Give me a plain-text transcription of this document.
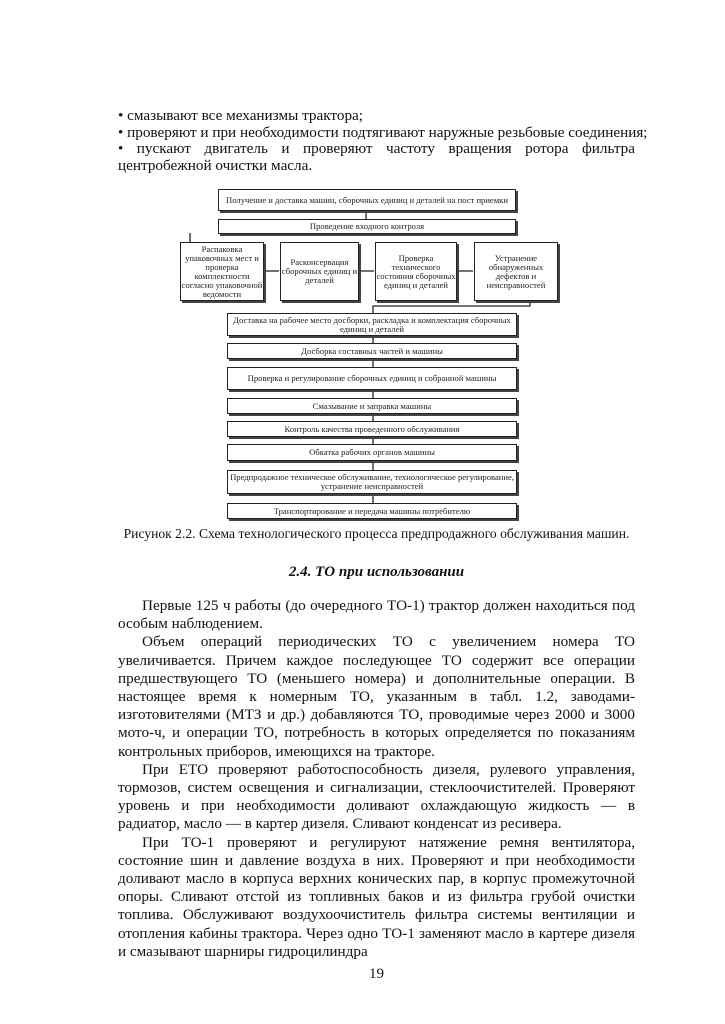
• смазывают все механизмы трактора;

• проверяют и при необходимости подтягивают наружные резьбовые соединения;

• пускают двигатель и проверяют частоту вращения ротора фильтра центробежной очистки масла.

Получение и доставка машин, сборочных единиц и деталей на пост приемки
Проведение входного контроля
Распаковка упаковочных мест и проверка комплектности согласно упаковочной ведомости
Расконсервация сборочных единиц и деталей
Проверка технического состояния сборочных единиц и деталей
Устранение обнаруженных дефектов и неисправностей
Доставка на рабочее место досборки, раскладка и комплектация сборочных единиц и деталей
Досборка составных частей и машины
Проверка и регулирование сборочных единиц и собранной машины
Смазывание и заправка машины
Контроль качества проведенного обслуживания
Обкатка рабочих органов машины
Предпродажное техническое обслуживание, технологическое регулирование, устранение неисправностей
Транспортирование и передача машины потребителю
Рисунок 2.2. Схема технологического процесса предпродажного обслуживания машин.
2.4. ТО при использовании

Первые 125 ч работы (до очередного ТО-1) трактор должен находиться под особым наблюдением.

Объем операций периодических ТО с увеличением номера ТО увеличивается. Причем каждое последующее ТО содержит все операции предшествующего ТО (меньшего номера) и дополнительные операции. В настоящее время к номерным ТО, указанным в табл. 1.2, заводами-изготовителями (МТЗ и др.) добавляются ТО, проводимые через 2000 и 3000 мото-ч, и операции ТО, потребность в которых определяется по показаниям контрольных приборов, имеющихся на тракторе.

При ЕТО проверяют работоспособность дизеля, рулевого управления, тормозов, систем освещения и сигнализации, стеклоочистителей. Проверяют уровень и при необходимости доливают охлаждающую жидкость — в радиатор, масло — в картер дизеля. Сливают конденсат из ресивера.

При ТО-1 проверяют и регулируют натяжение ремня вентилятора, состояние шин и давление воздуха в них. Проверяют и при необходимости доливают масло в корпуса верхних конических пар, в корпус промежуточной опоры. Сливают отстой из топливных баков и из фильтра грубой очистки топлива. Обслуживают воздухоочиститель фильтра системы вентиляции и отопления кабины трактора. Через одно ТО-1 заменяют масло в картере дизеля и смазывают шарниры гидроцилиндра

19
